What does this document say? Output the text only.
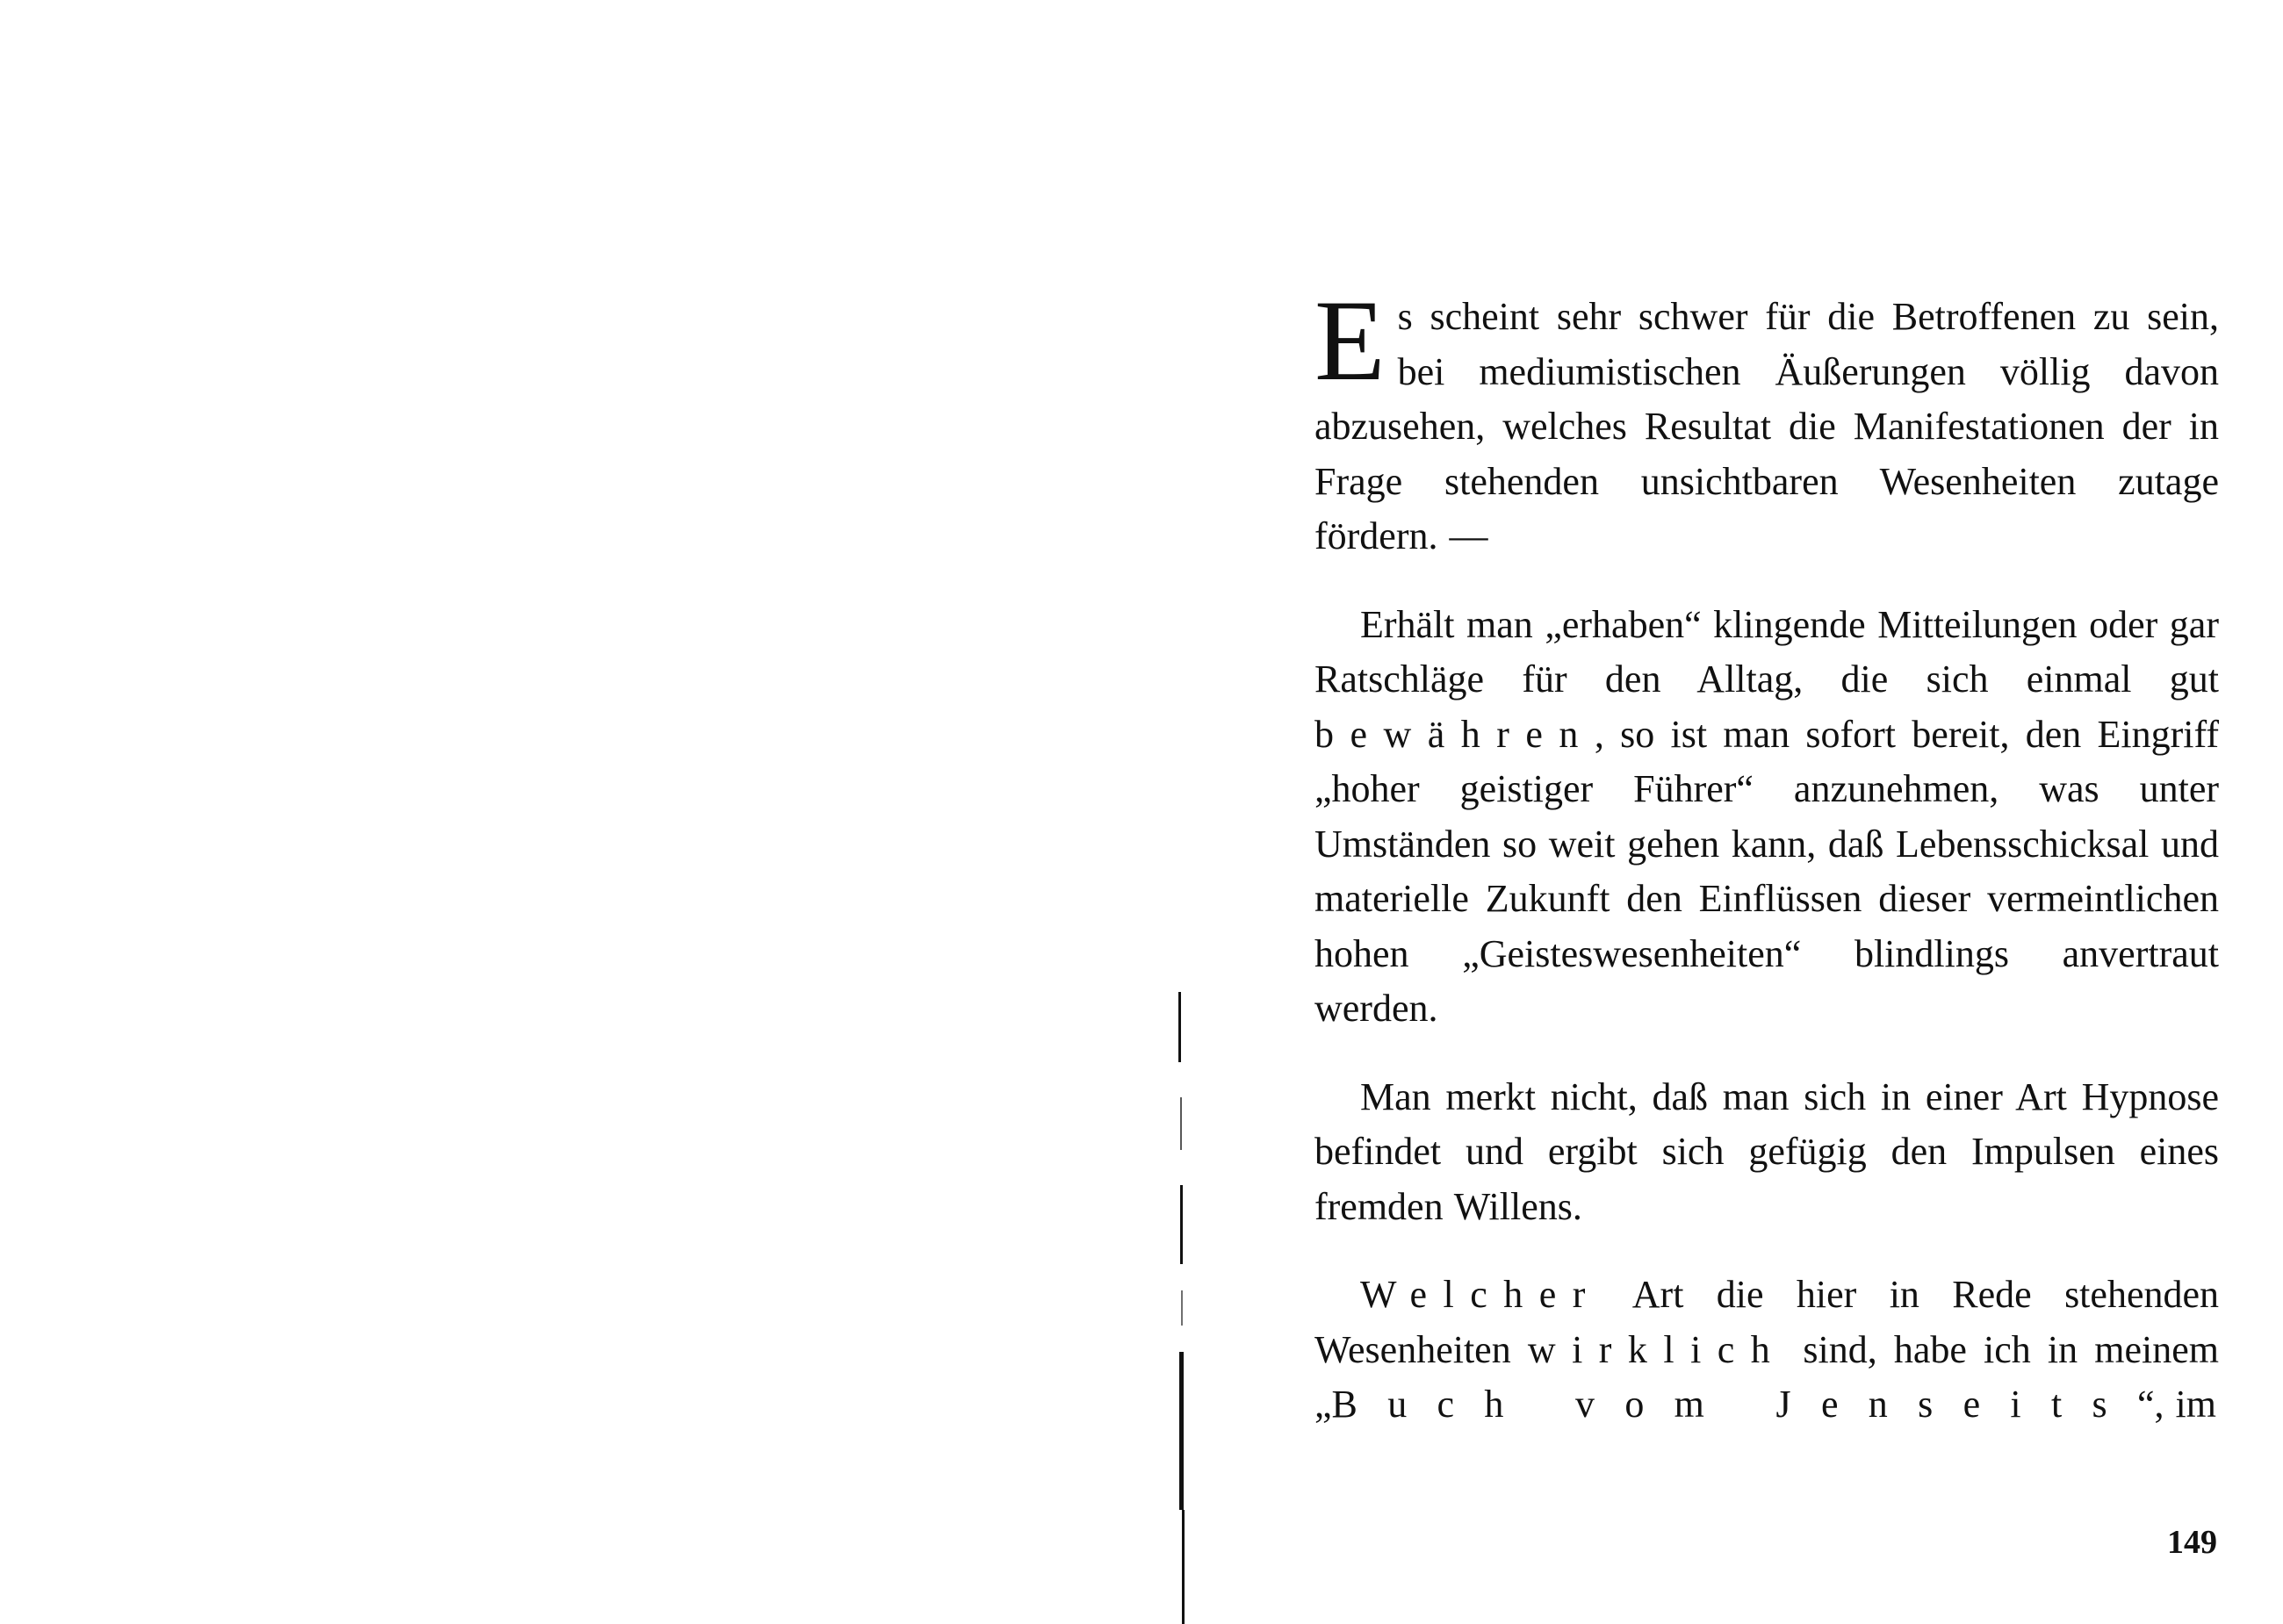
Es scheint sehr schwer für die Betroffenen zu sein, bei mediumistischen Äußerungen völlig davon abzusehen, welches Resultat die Manifestationen der in Frage stehenden unsichtbaren Wesenheiten zutage fördern. —

Erhält man „erhaben“ klingende Mitteilungen oder gar Ratschläge für den Alltag, die sich einmal gut bewähren, so ist man sofort bereit, den Eingriff „hoher geistiger Führer“ anzunehmen, was unter Umständen so weit gehen kann, daß Lebensschicksal und materielle Zukunft den Einflüssen dieser vermeintlichen hohen „Geisteswesenheiten“ blindlings anvertraut werden.

Man merkt nicht, daß man sich in einer Art Hypnose befindet und ergibt sich gefügig den Impulsen eines fremden Willens.

Welcher Art die hier in Rede stehenden Wesenheiten wirklich sind, habe ich in meinem „Buch vom Jenseits“, im

149
